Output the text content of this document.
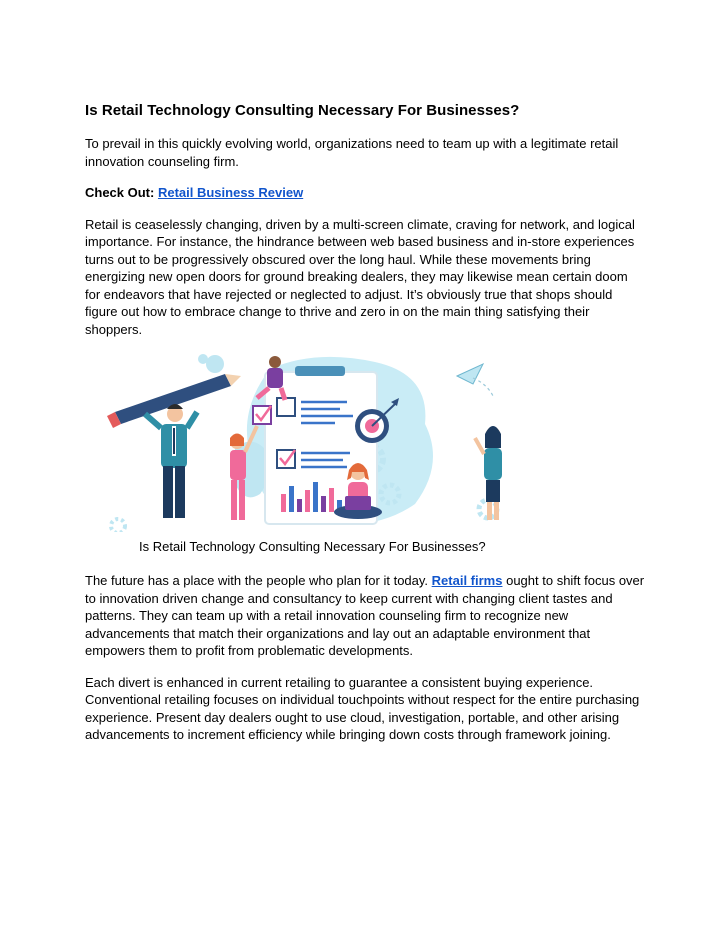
Is Retail Technology Consulting Necessary For Businesses?

To prevail in this quickly evolving world, organizations need to team up with a legitimate retail innovation counseling firm.

Check Out: Retail Business Review

Retail is ceaselessly changing, driven by a multi-screen climate, craving for network, and logical importance. For instance, the hindrance between web based business and in-store experiences turns out to be progressively obscured over the long haul. While these movements bring energizing new open doors for ground breaking dealers, they may likewise mean certain doom for endeavors that have rejected or neglected to adjust. It’s obviously true that shops should figure out how to embrace change to thrive and zero in on the main thing satisfying their shoppers.

Is Retail Technology Consulting Necessary For Businesses?

The future has a place with the people who plan for it today. Retail firms ought to shift focus over to innovation driven change and consultancy to keep current with changing client tastes and patterns. They can team up with a retail innovation counseling firm to recognize new advancements that match their organizations and lay out an adaptable environment that empowers them to profit from problematic developments.

Each divert is enhanced in current retailing to guarantee a consistent buying experience. Conventional retailing focuses on individual touchpoints without respect for the entire purchasing experience. Present day dealers ought to use cloud, investigation, portable, and other arising advancements to increment efficiency while bringing down costs through framework joining.
